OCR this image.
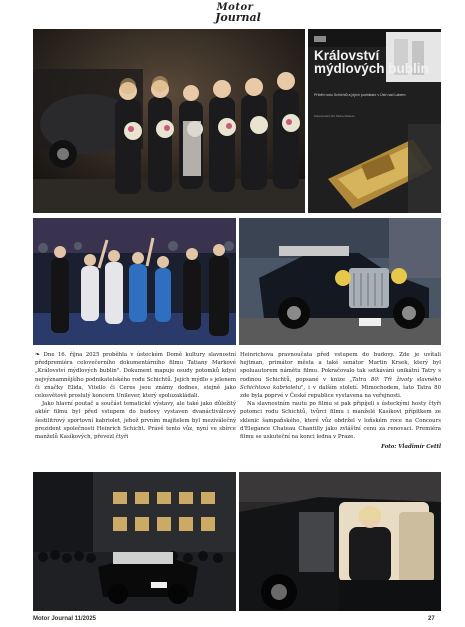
Motor
Journal
Království mýdlových bublin
Příběh rodu Schichtů a jejich podnikání v Ústí nad Labem
Dokumentární film Tatiany Markové

❧ Dne 16. října 2025 proběhla v ústeckém Domě kultury slavnostní předpremiéra celovečerního dokumentárního filmu Tatiany Markové „Království mýdlových bublin". Dokument mapuje osudy potomků kdysi nejvýznamnějšího podnikatelského rodu Schichtů. Jejich mýdlo s jelenem či značky Elida, Vitello či Ceres jsou známy dodnes, stejně jako celosvětově proslulý koncern Unilever, který spoluzakládali.

Jako hlavní poutač a součást tematické výstavy, ale také jako důležitý aktér filmu byl před vstupem do budovy vystaven dvanáctiválcový šestilitrový sportovní kabriolet, jehož prvním majitelem byl meziválečný prezident společnosti Heinrich Schicht. Právě tento vůz, nyní ve sbírce manželů Kasíkových, převezl čtyři

Heinrichova pravnoučata před vstupem do budovy. Zde je uvítali hejtman, primátor města a také senátor Martin Krsek, který byl spoluautorem námětu filmu. Pokračovalo tak setkávání unikátní Tatry s rodinou Schichtů, popsané v knize „Tatra 80: Tři životy slavného Schichtova kabrioletu", i v dalším století. Mimochodem, tato Tatra 80 zde byla poprvé v České republice vystavena na veřejnosti.

Na slavnostním rautu po filmu si pak připíjeli s ústeckými hosty čtyři potomci rodu Schichtů, tvůrci filmu i manželé Kasíkovi přípitkem ze sklenic šampaňského, které vůz obdržel v loňském roce na Concours d'Elegance Chateau Chantilly jako zvláštní cenu za renovaci. Premiéra filmu se uskuteční na konci ledna v Praze.

Foto: Vladimír Cettl
Motor Journal 11/2025	27
